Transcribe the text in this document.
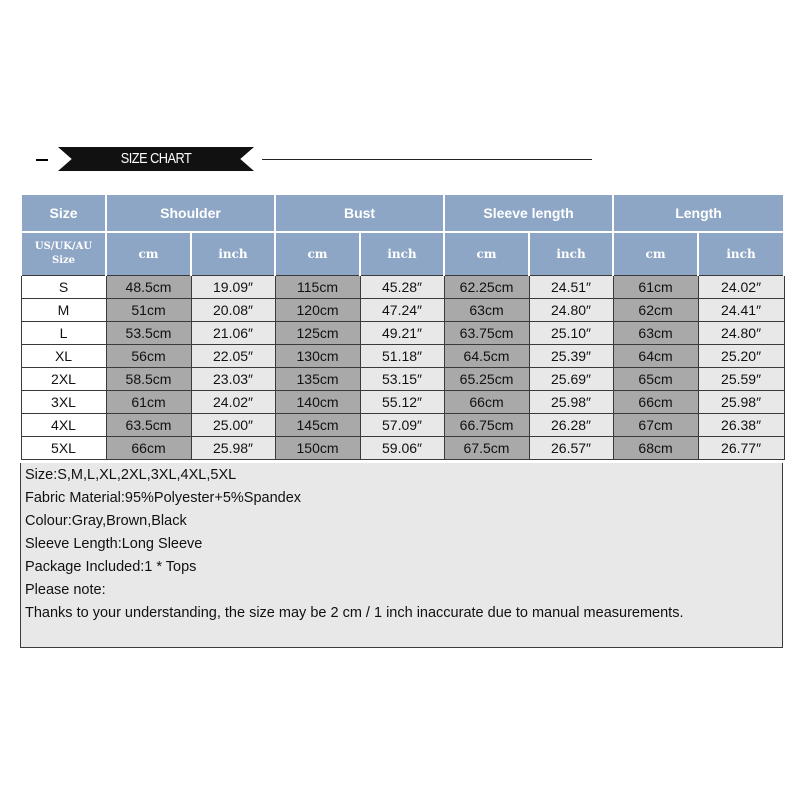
SIZE CHART
Size	Shoulder		Bust		Sleeve length		Length	
US/UK/AU
Size	cm	inch	cm	inch	cm	inch	cm	inch
S	48.5cm	19.09″	115cm	45.28″	62.25cm	24.51″	61cm	24.02″
M	51cm	20.08″	120cm	47.24″	63cm	24.80″	62cm	24.41″
L	53.5cm	21.06″	125cm	49.21″	63.75cm	25.10″	63cm	24.80″
XL	56cm	22.05″	130cm	51.18″	64.5cm	25.39″	64cm	25.20″
2XL	58.5cm	23.03″	135cm	53.15″	65.25cm	25.69″	65cm	25.59″
3XL	61cm	24.02″	140cm	55.12″	66cm	25.98″	66cm	25.98″
4XL	63.5cm	25.00″	145cm	57.09″	66.75cm	26.28″	67cm	26.38″
5XL	66cm	25.98″	150cm	59.06″	67.5cm	26.57″	68cm	26.77″
Size:S,M,L,XL,2XL,3XL,4XL,5XL
Fabric Material:95%Polyester+5%Spandex
Colour:Gray,Brown,Black
Sleeve Length:Long Sleeve
Package Included:1 * Tops
Please note:
Thanks to your understanding, the size may be 2 cm / 1 inch inaccurate due to manual measurements.
